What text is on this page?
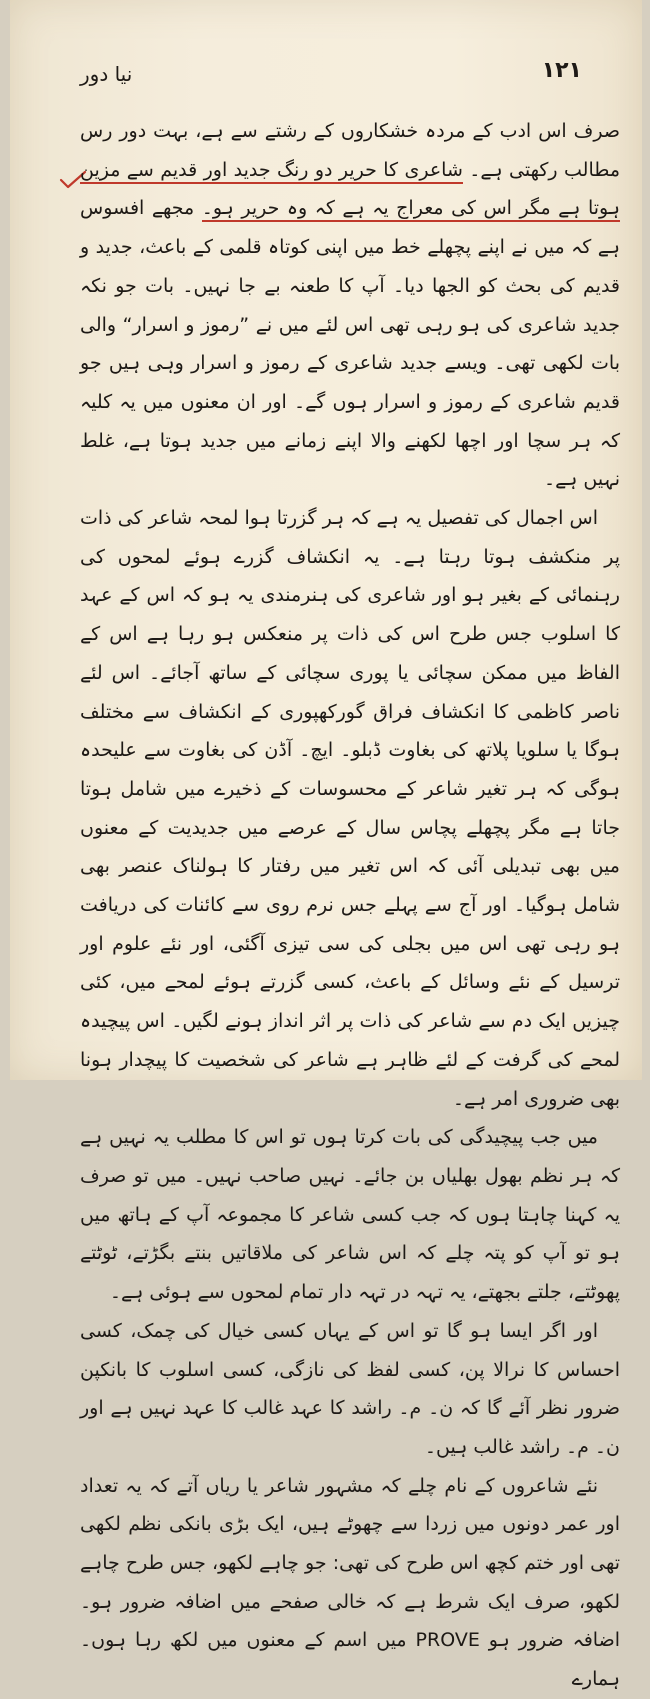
۱۲۱
نیا دور

صرف اس ادب کے مردہ خشکاروں کے رشتے سے ہے، بہت دور رس مطالب رکھتی ہے۔ شاعری کا حریر دو رنگ جدید اور قدیم سے مزین ہوتا ہے مگر اس کی معراج یہ ہے کہ وہ حریر ہو۔ مجھے افسوس ہے کہ میں نے اپنے پچھلے خط میں اپنی کوتاہ قلمی کے باعث، جدید و قدیم کی بحث کو الجھا دیا۔ آپ کا طعنہ بے جا نہیں۔ بات جو نکہ جدید شاعری کی ہو رہی تھی اس لئے میں نے ”رموز و اسرار“ والی بات لکھی تھی۔ ویسے جدید شاعری کے رموز و اسرار وہی ہیں جو قدیم شاعری کے رموز و اسرار ہوں گے۔ اور ان معنوں میں یہ کلیہ کہ ہر سچا اور اچھا لکھنے والا اپنے زمانے میں جدید ہوتا ہے، غلط نہیں ہے۔

اس اجمال کی تفصیل یہ ہے کہ ہر گزرتا ہوا لمحہ شاعر کی ذات پر منکشف ہوتا رہتا ہے۔ یہ انکشاف گزرے ہوئے لمحوں کی رہنمائی کے بغیر ہو اور شاعری کی ہنرمندی یہ ہو کہ اس کے عہد کا اسلوب جس طرح اس کی ذات پر منعکس ہو رہا ہے اس کے الفاظ میں ممکن سچائی یا پوری سچائی کے ساتھ آجائے۔ اس لئے ناصر کاظمی کا انکشاف فراق گورکھپوری کے انکشاف سے مختلف ہوگا یا سلویا پلاتھ کی بغاوت ڈبلو۔ ایچ۔ آڈن کی بغاوت سے علیحدہ ہوگی کہ ہر تغیر شاعر کے محسوسات کے ذخیرے میں شامل ہوتا جاتا ہے مگر پچھلے پچاس سال کے عرصے میں جدیدیت کے معنوں میں بھی تبدیلی آئی کہ اس تغیر میں رفتار کا ہولناک عنصر بھی شامل ہوگیا۔ اور آج سے پہلے جس نرم روی سے کائنات کی دریافت ہو رہی تھی اس میں بجلی کی سی تیزی آگئی، اور نئے علوم اور ترسیل کے نئے وسائل کے باعث، کسی گزرتے ہوئے لمحے میں، کئی چیزیں ایک دم سے شاعر کی ذات پر اثر انداز ہونے لگیں۔ اس پیچیدہ لمحے کی گرفت کے لئے ظاہر ہے شاعر کی شخصیت کا پیچدار ہونا بھی ضروری امر ہے۔

میں جب پیچیدگی کی بات کرتا ہوں تو اس کا مطلب یہ نہیں ہے کہ ہر نظم بھول بھلیاں بن جائے۔ نہیں صاحب نہیں۔ میں تو صرف یہ کہنا چاہتا ہوں کہ جب کسی شاعر کا مجموعہ آپ کے ہاتھ میں ہو تو آپ کو پتہ چلے کہ اس شاعر کی ملاقاتیں بنتے بگڑتے، ٹوٹتے پھوٹتے، جلتے بجھتے، یہ تہہ در تہہ دار تمام لمحوں سے ہوئی ہے۔

اور اگر ایسا ہو گا تو اس کے یہاں کسی خیال کی چمک، کسی احساس کا نرالا پن، کسی لفظ کی نازگی، کسی اسلوب کا بانکپن ضرور نظر آئے گا کہ ن۔ م۔ راشد کا عہد غالب کا عہد نہیں ہے اور ن۔ م۔ راشد غالب ہیں۔

نئے شاعروں کے نام چلے کہ مشہور شاعر یا ریاں آتے کہ یہ تعداد اور عمر دونوں میں زردا سے چھوٹے ہیں، ایک بڑی بانکی نظم لکھی تھی اور ختم کچھ اس طرح کی تھی: جو چاہے لکھو، جس طرح چاہے لکھو، صرف ایک شرط ہے کہ خالی صفحے میں اضافہ ضرور ہو۔ اضافہ ضرور ہو PROVE میں اسم کے معنوں میں لکھ رہا ہوں۔ ہمارے
